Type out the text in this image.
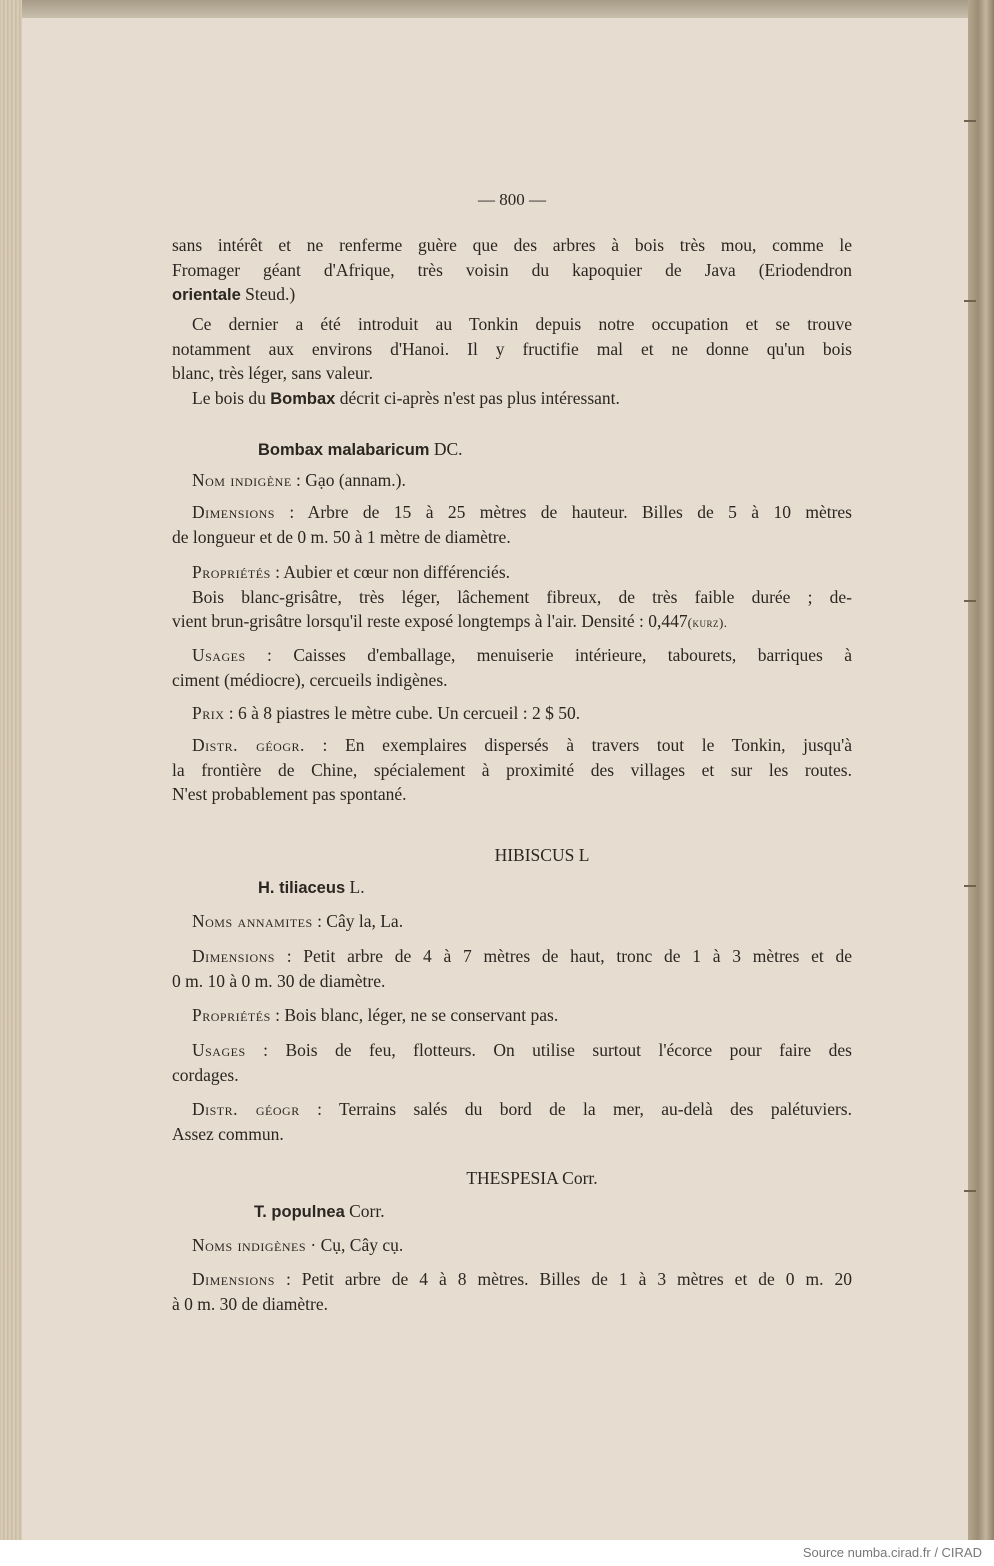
— 800 —
sans intérêt et ne renferme guère que des arbres à bois très mou, comme le
Fromager géant d'Afrique, très voisin du kapoquier de Java (Eriodendron
orientale Steud.)
Ce dernier a été introduit au Tonkin depuis notre occupation et se trouve
notamment aux environs d'Hanoi. Il y fructifie mal et ne donne qu'un bois
blanc, très léger, sans valeur.
Le bois du Bombax décrit ci-après n'est pas plus intéressant.
Bombax malabaricum DC.
Nom indigène : Gạo (annam.).
Dimensions : Arbre de 15 à 25 mètres de hauteur. Billes de 5 à 10 mètres
de longueur et de 0 m. 50 à 1 mètre de diamètre.
Propriétés : Aubier et cœur non différenciés.
Bois blanc-grisâtre, très léger, lâchement fibreux, de très faible durée ; de-
vient brun-grisâtre lorsqu'il reste exposé longtemps à l'air. Densité : 0,447(kurz).
Usages : Caisses d'emballage, menuiserie intérieure, tabourets, barriques à
ciment (médiocre), cercueils indigènes.
Prix : 6 à 8 piastres le mètre cube. Un cercueil : 2 $ 50.
Distr. géogr. : En exemplaires dispersés à travers tout le Tonkin, jusqu'à
la frontière de Chine, spécialement à proximité des villages et sur les routes.
N'est probablement pas spontané.
HIBISCUS L
H. tiliaceus L.
Noms annamites : Cây la, La.
Dimensions : Petit arbre de 4 à 7 mètres de haut, tronc de 1 à 3 mètres et de
0 m. 10 à 0 m. 30 de diamètre.
Propriétés : Bois blanc, léger, ne se conservant pas.
Usages : Bois de feu, flotteurs. On utilise surtout l'écorce pour faire des
cordages.
Distr. géogr : Terrains salés du bord de la mer, au-delà des palétuviers.
Assez commun.
THESPESIA Corr.
T. populnea Corr.
Noms indigènes · Cụ, Cây cụ.
Dimensions : Petit arbre de 4 à 8 mètres. Billes de 1 à 3 mètres et de 0 m. 20
à 0 m. 30 de diamètre.
Source numba.cirad.fr / CIRAD
